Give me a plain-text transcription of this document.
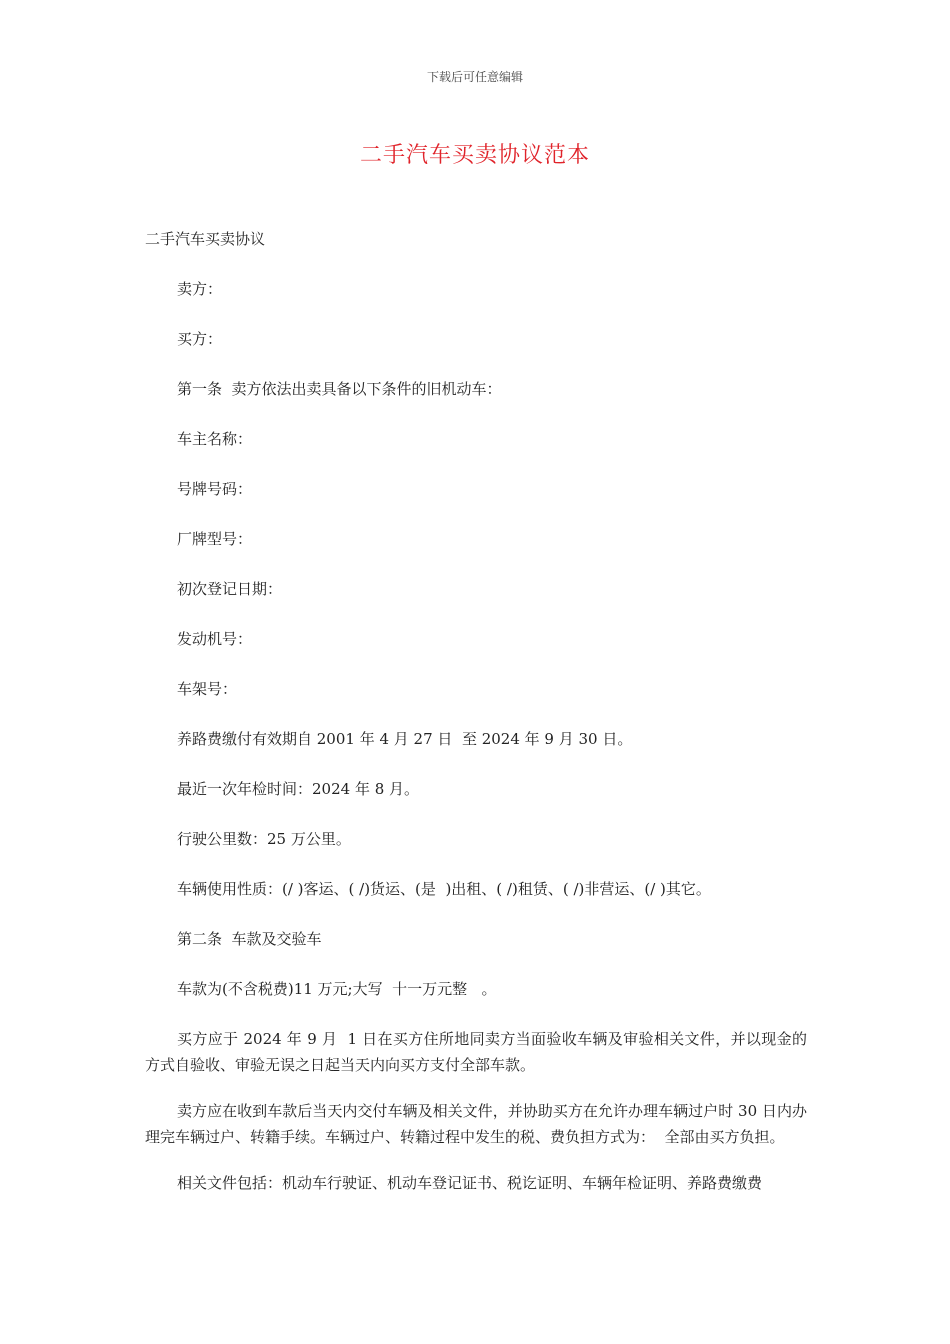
下载后可任意编辑
二手汽车买卖协议范本

二手汽车买卖协议

卖方：

买方：

第一条  卖方依法出卖具备以下条件的旧机动车：

车主名称：

号牌号码：

厂牌型号：

初次登记日期：

发动机号：

车架号：

养路费缴付有效期自 2001 年 4 月 27 日  至 2024 年 9 月 30 日。

最近一次年检时间：2024 年 8 月。

行驶公里数：25 万公里。

车辆使用性质：(/ )客运、( /)货运、(是  )出租、( /)租赁、( /)非营运、(/ )其它。

第二条  车款及交验车

车款为(不含税费)11 万元;大写  十一万元整   。

买方应于 2024 年 9 月  1 日在买方住所地同卖方当面验收车辆及审验相关文件，并以现金的方式自验收、审验无误之日起当天内向买方支付全部车款。

卖方应在收到车款后当天内交付车辆及相关文件，并协助买方在允许办理车辆过户时 30 日内办理完车辆过户、转籍手续。车辆过户、转籍过程中发生的税、费负担方式为：  全部由买方负担。

相关文件包括：机动车行驶证、机动车登记证书、税讫证明、车辆年检证明、养路费缴费
